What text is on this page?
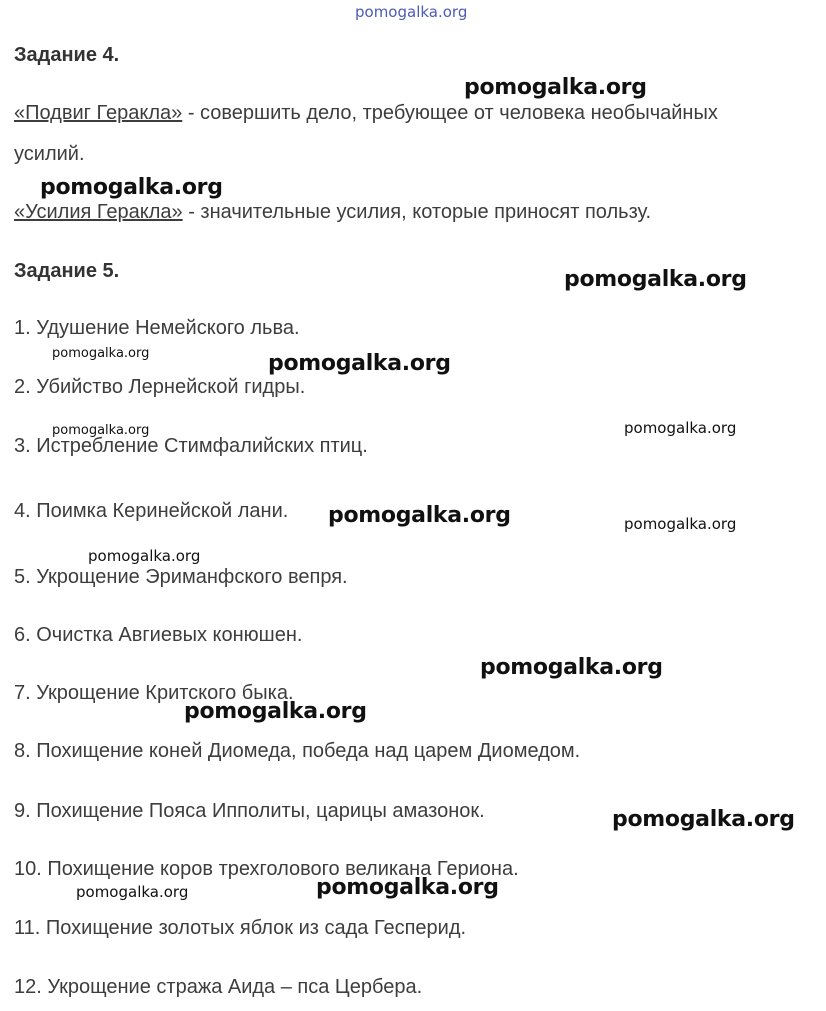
pomogalka.org
Задание 4.
«Подвиг Геракла» - совершить дело, требующее от человека необычайных
усилий.
«Усилия Геракла» - значительные усилия, которые приносят пользу.
Задание 5.
1. Удушение Немейского льва.
2. Убийство Лернейской гидры.
3. Истребление Стимфалийских птиц.
4. Поимка Керинейской лани.
5. Укрощение Эриманфского вепря.
6. Очистка Авгиевых конюшен.
7. Укрощение Критского быка.
8. Похищение коней Диомеда, победа над царем Диомедом.
9. Похищение Пояса Ипполиты, царицы амазонок.
10. Похищение коров трехголового великана Гериона.
11. Похищение золотых яблок из сада Гесперид.
12. Укрощение стража Аида – пса Цербера.
pomogalka.org
pomogalka.org
pomogalka.org
pomogalka.org
pomogalka.org
pomogalka.org
pomogalka.org
pomogalka.org
pomogalka.org
pomogalka.org
pomogalka.org	pomogalka.org
pomogalka.org
pomogalka.org
pomogalka.org
